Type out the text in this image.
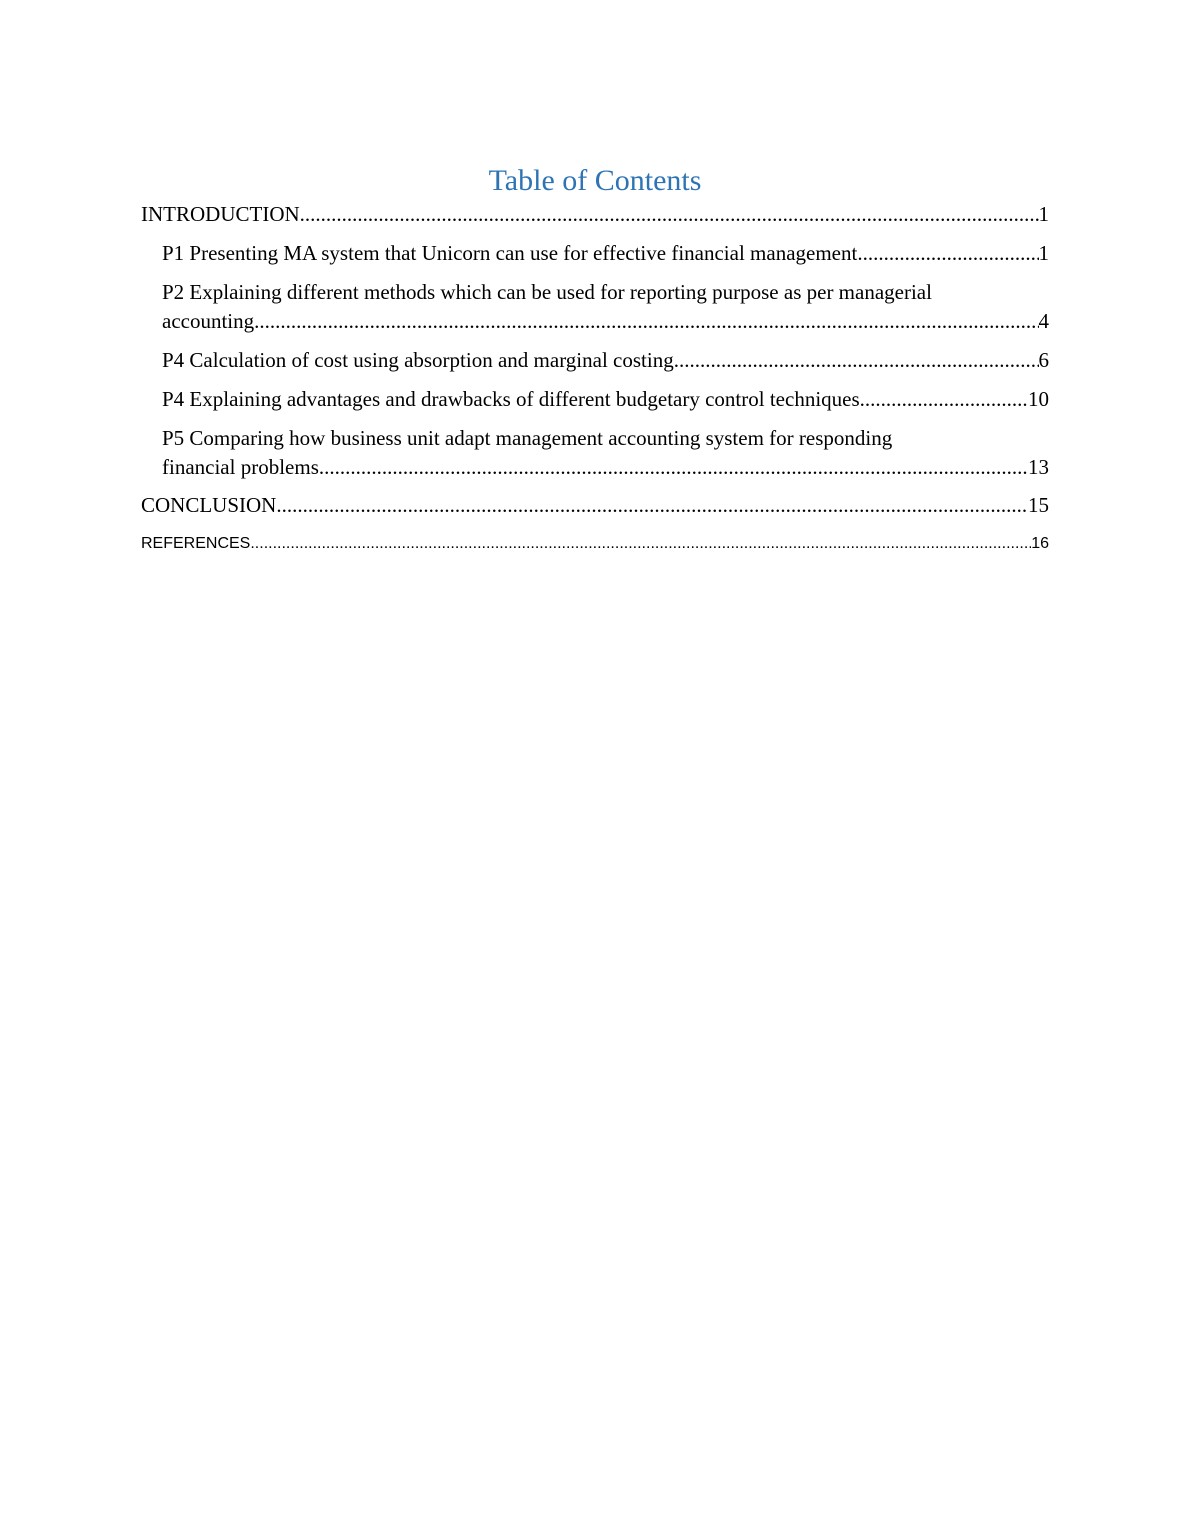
Table of Contents
INTRODUCTION .....	1
P1 Presenting MA system that Unicorn can use for effective financial management .....	1
P2 Explaining different methods which can be used for reporting purpose as per managerial
accounting .....	4
P4 Calculation of cost using absorption and marginal costing .....	6
P4 Explaining advantages and drawbacks of different budgetary control techniques .....	10
P5 Comparing how business unit adapt management accounting system for responding
financial problems .....	13
CONCLUSION .....	15
REFERENCES .....	16
